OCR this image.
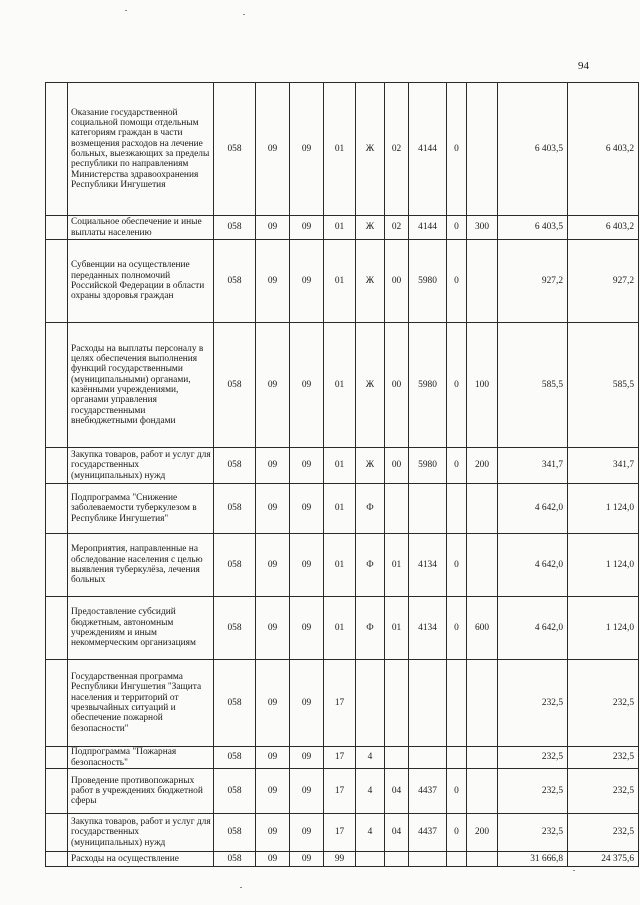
94
	Оказание государственной социальной помощи отдельным категориям граждан в части возмещения расходов на лечение больных, выезжающих за пределы республики по направлениям Министерства здравоохранения Республики Ингушетия	058	09	09	01	Ж	02	4144	0		6 403,5	6 403,2
	Социальное обеспечение и иные выплаты населению	058	09	09	01	Ж	02	4144	0	300	6 403,5	6 403,2
	Субвенции на осуществление переданных полномочий Российской Федерации в области охраны здоровья граждан	058	09	09	01	Ж	00	5980	0		927,2	927,2
	Расходы на выплаты персоналу в целях обеспечения выполнения функций государственными (муниципальными) органами, казёнными учреждениями, органами управления государственными внебюджетными фондами	058	09	09	01	Ж	00	5980	0	100	585,5	585,5
	Закупка товаров, работ и услуг для государственных (муниципальных) нужд	058	09	09	01	Ж	00	5980	0	200	341,7	341,7
	Подпрограмма "Снижение заболеваемости туберкулезом в Республике Ингушетия"	058	09	09	01	Ф					4 642,0	1 124,0
	Мероприятия, направленные на обследование населения с целью выявления туберкулёза, лечения больных	058	09	09	01	Ф	01	4134	0		4 642,0	1 124,0
	Предоставление субсидий бюджетным, автономным учреждениям и иным некоммерческим организациям	058	09	09	01	Ф	01	4134	0	600	4 642,0	1 124,0
	Государственная программа Республики Ингушетия "Защита населения и территорий от чрезвычайных ситуаций и обеспечение пожарной безопасности"	058	09	09	17						232,5	232,5
	Подпрограмма "Пожарная безопасность"	058	09	09	17	4					232,5	232,5
	Проведение противопожарных работ в учреждениях бюджетной сферы	058	09	09	17	4	04	4437	0		232,5	232,5
	Закупка товаров, работ и услуг для государственных (муниципальных) нужд	058	09	09	17	4	04	4437	0	200	232,5	232,5
	Расходы на осуществление	058	09	09	99						31 666,8	24 375,6
